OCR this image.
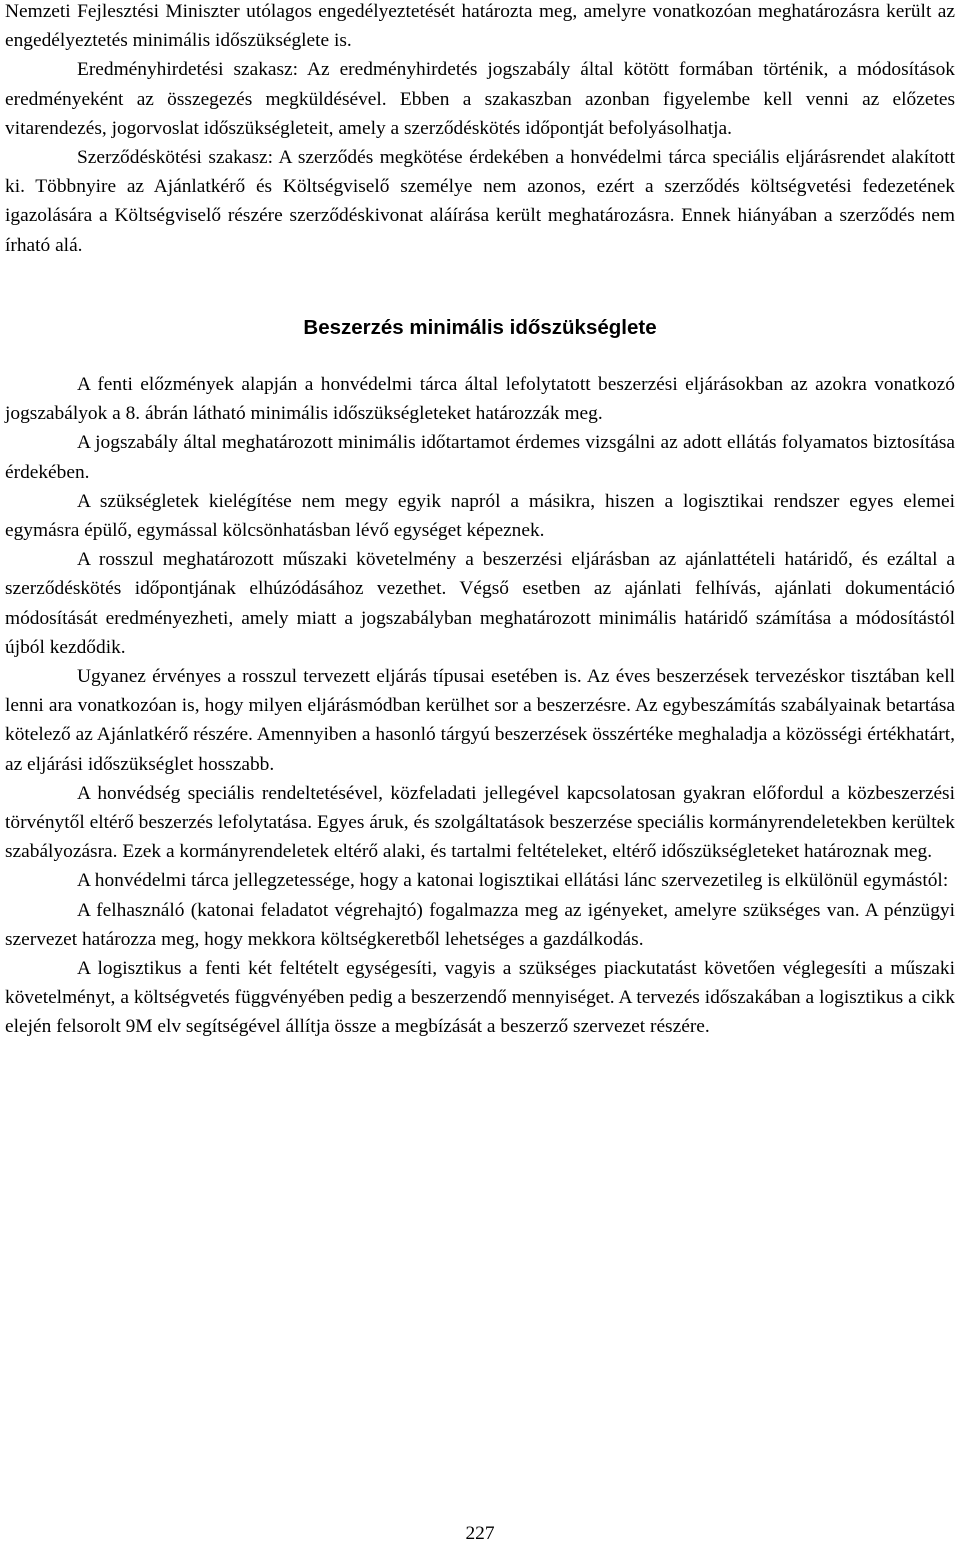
Nemzeti Fejlesztési Miniszter utólagos engedélyeztetését határozta meg, amelyre vonatkozóan meghatározásra került az engedélyeztetés minimális időszükséglete is.

Eredményhirdetési szakasz: Az eredményhirdetés jogszabály által kötött formában történik, a módosítások eredményeként az összegezés megküldésével. Ebben a szakaszban azonban figyelembe kell venni az előzetes vitarendezés, jogorvoslat időszükségleteit, amely a szerződéskötés időpontját befolyásolhatja.

Szerződéskötési szakasz: A szerződés megkötése érdekében a honvédelmi tárca speciális eljárásrendet alakított ki. Többnyire az Ajánlatkérő és Költségviselő személye nem azonos, ezért a szerződés költségvetési fedezetének igazolására a Költségviselő részére szerződéskivonat aláírása került meghatározásra. Ennek hiányában a szerződés nem írható alá.

Beszerzés minimális időszükséglete

A fenti előzmények alapján a honvédelmi tárca által lefolytatott beszerzési eljárásokban az azokra vonatkozó jogszabályok a 8. ábrán látható minimális időszükségleteket határozzák meg.

A jogszabály által meghatározott minimális időtartamot érdemes vizsgálni az adott ellátás folyamatos biztosítása érdekében.

A szükségletek kielégítése nem megy egyik napról a másikra, hiszen a logisztikai rendszer egyes elemei egymásra épülő, egymással kölcsönhatásban lévő egységet képeznek.

A rosszul meghatározott műszaki követelmény a beszerzési eljárásban az ajánlattételi határidő, és ezáltal a szerződéskötés időpontjának elhúzódásához vezethet. Végső esetben az ajánlati felhívás, ajánlati dokumentáció módosítását eredményezheti, amely miatt a jogszabályban meghatározott minimális határidő számítása a módosítástól újból kezdődik.

Ugyanez érvényes a rosszul tervezett eljárás típusai esetében is. Az éves beszerzések tervezéskor tisztában kell lenni ara vonatkozóan is, hogy milyen eljárásmódban kerülhet sor a beszerzésre. Az egybeszámítás szabályainak betartása kötelező az Ajánlatkérő részére. Amennyiben a hasonló tárgyú beszerzések összértéke meghaladja a közösségi értékhatárt, az eljárási időszükséglet hosszabb.

A honvédség speciális rendeltetésével, közfeladati jellegével kapcsolatosan gyakran előfordul a közbeszerzési törvénytől eltérő beszerzés lefolytatása. Egyes áruk, és szolgáltatások beszerzése speciális kormányrendeletekben kerültek szabályozásra. Ezek a kormányrendeletek eltérő alaki, és tartalmi feltételeket, eltérő időszükségleteket határoznak meg.

A honvédelmi tárca jellegzetessége, hogy a katonai logisztikai ellátási lánc szervezetileg is elkülönül egymástól:

A felhasználó (katonai feladatot végrehajtó) fogalmazza meg az igényeket, amelyre szükséges van. A pénzügyi szervezet határozza meg, hogy mekkora költségkeretből lehetséges a gazdálkodás.

A logisztikus a fenti két feltételt egységesíti, vagyis a szükséges piackutatást követően véglegesíti a műszaki követelményt, a költségvetés függvényében pedig a beszerzendő mennyiséget. A tervezés időszakában a logisztikus a cikk elején felsorolt 9M elv segítségével állítja össze a megbízását a beszerző szervezet részére.

227
